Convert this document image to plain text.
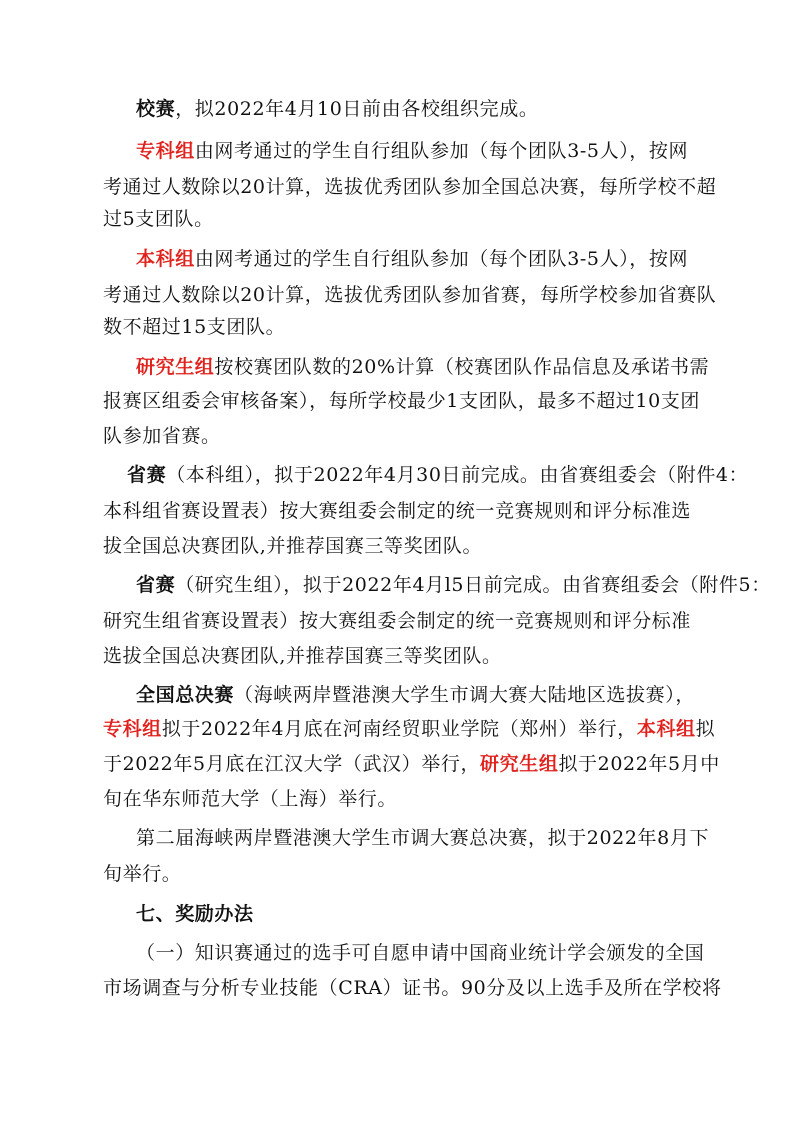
校赛，拟2022年4月10日前由各校组织完成。
专科组由网考通过的学生自行组队参加（每个团队3-5人），按网
考通过人数除以20计算，选拔优秀团队参加全国总决赛，每所学校不超
过5支团队。
本科组由网考通过的学生自行组队参加（每个团队3-5人），按网
考通过人数除以20计算，选拔优秀团队参加省赛，每所学校参加省赛队
数不超过15支团队。
研究生组按校赛团队数的20%计算（校赛团队作品信息及承诺书需
报赛区组委会审核备案），每所学校最少1支团队，最多不超过10支团
队参加省赛。
省赛（本科组），拟于2022年4月30日前完成。由省赛组委会（附件4：
本科组省赛设置表）按大赛组委会制定的统一竞赛规则和评分标准选
拔全国总决赛团队,并推荐国赛三等奖团队。
省赛（研究生组），拟于2022年4月l5日前完成。由省赛组委会（附件5：
研究生组省赛设置表）按大赛组委会制定的统一竞赛规则和评分标准
选拔全国总决赛团队,并推荐国赛三等奖团队。
全国总决赛（海峡两岸暨港澳大学生市调大赛大陆地区选拔赛），
专科组拟于2022年4月底在河南经贸职业学院（郑州）举行，本科组拟
于2022年5月底在江汉大学（武汉）举行，研究生组拟于2022年5月中
旬在华东师范大学（上海）举行。
第二届海峡两岸暨港澳大学生市调大赛总决赛，拟于2022年8月下
旬举行。
七、奖励办法
（一）知识赛通过的选手可自愿申请中国商业统计学会颁发的全国
市场调查与分析专业技能（CRA）证书。90分及以上选手及所在学校将
